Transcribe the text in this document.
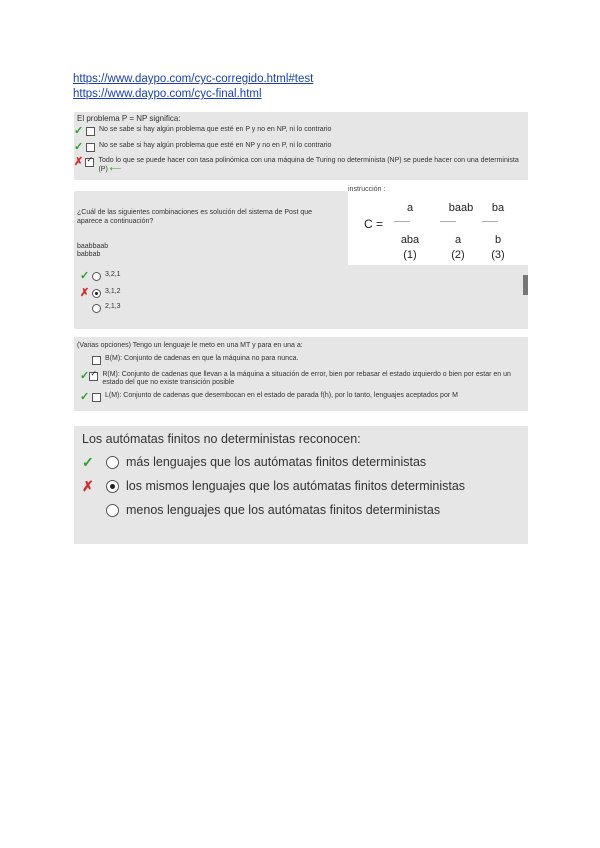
https://www.daypo.com/cyc-corregido.html#test
https://www.daypo.com/cyc-final.html
El problema P = NP significa:
✓	No se sabe si hay algún problema que esté en P y no en NP, ni lo contrario
✓	No se sabe si hay algún problema que esté en NP y no en P, ni lo contrario
✗ ✓	Todo lo que se puede hacer con tasa polinómica con una máquina de Turing no determinista (NP) se puede hacer con una determinista (P) ⟵
¿Cuál de las siguientes combinaciones es solución del sistema de Post que aparece a continuación?
baabbaab
babbab
instrucción :
C =
a	baab	ba
--------	--------	--------
aba	a	b
(1)	(2)	(3)
✓	3,2,1
✗	3,1,2
2,1,3
(Varias opciones) Tengo un lenguaje le meto en una MT y para en una a:
B(M): Conjunto de cadenas en que la máquina no para nunca.
✓ ✓ R(M): Conjunto de cadenas que llevan a la máquina a situación de error, bien por rebasar el estado izquierdo o bien por estar en un estado del que no existe transición posible
✓	L(M): Conjunto de cadenas que desembocan en el estado de parada f(h), por lo tanto, lenguajes aceptados por M
Los autómatas finitos no deterministas reconocen:
✓	más lenguajes que los autómatas finitos deterministas
✗	los mismos lenguajes que los autómatas finitos deterministas
menos lenguajes que los autómatas finitos deterministas
